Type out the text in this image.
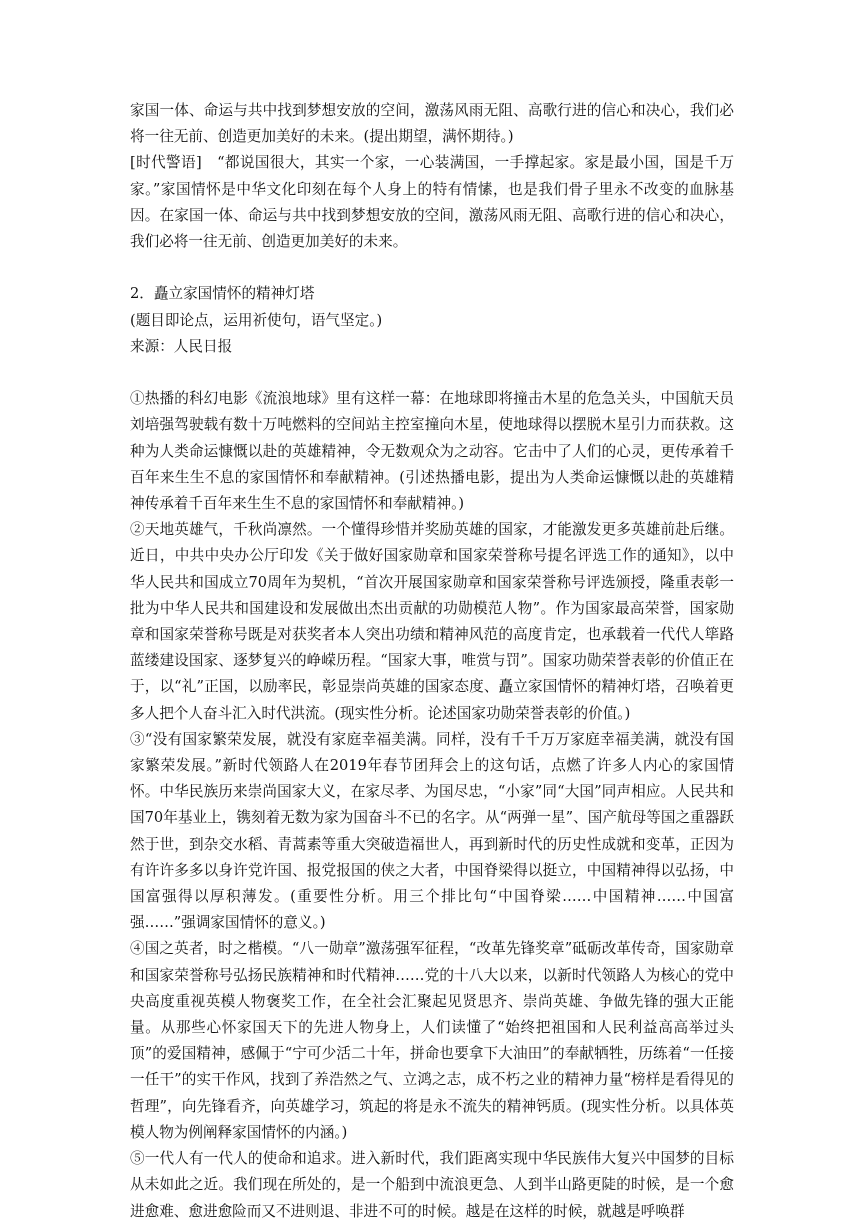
家国一体、命运与共中找到梦想安放的空间，激荡风雨无阻、高歌行进的信心和决心，我们必将一往无前、创造更加美好的未来。(提出期望，满怀期待。)

[时代警语]　“都说国很大，其实一个家，一心装满国，一手撑起家。家是最小国，国是千万家。”家国情怀是中华文化印刻在每个人身上的特有情愫，也是我们骨子里永不改变的血脉基因。在家国一体、命运与共中找到梦想安放的空间，激荡风雨无阻、高歌行进的信心和决心，我们必将一往无前、创造更加美好的未来。

2．矗立家国情怀的精神灯塔

(题目即论点，运用祈使句，语气坚定。)

来源：人民日报

①热播的科幻电影《流浪地球》里有这样一幕：在地球即将撞击木星的危急关头，中国航天员刘培强驾驶载有数十万吨燃料的空间站主控室撞向木星，使地球得以摆脱木星引力而获救。这种为人类命运慷慨以赴的英雄精神，令无数观众为之动容。它击中了人们的心灵，更传承着千百年来生生不息的家国情怀和奉献精神。(引述热播电影，提出为人类命运慷慨以赴的英雄精神传承着千百年来生生不息的家国情怀和奉献精神。)

②天地英雄气，千秋尚凛然。一个懂得珍惜并奖励英雄的国家，才能激发更多英雄前赴后继。近日，中共中央办公厅印发《关于做好国家勋章和国家荣誉称号提名评选工作的通知》，以中华人民共和国成立70周年为契机，“首次开展国家勋章和国家荣誉称号评选颁授，隆重表彰一批为中华人民共和国建设和发展做出杰出贡献的功勋模范人物”。作为国家最高荣誉，国家勋章和国家荣誉称号既是对获奖者本人突出功绩和精神风范的高度肯定，也承载着一代代人筚路蓝缕建设国家、逐梦复兴的峥嵘历程。“国家大事，唯赏与罚”。国家功勋荣誉表彰的价值正在于，以“礼”正国，以励率民，彰显崇尚英雄的国家态度、矗立家国情怀的精神灯塔，召唤着更多人把个人奋斗汇入时代洪流。(现实性分析。论述国家功勋荣誉表彰的价值。)

③“没有国家繁荣发展，就没有家庭幸福美满。同样，没有千千万万家庭幸福美满，就没有国家繁荣发展。”新时代领路人在2019年春节团拜会上的这句话，点燃了许多人内心的家国情怀。中华民族历来崇尚国家大义，在家尽孝、为国尽忠，“小家”同“大国”同声相应。人民共和国70年基业上，镌刻着无数为家为国奋斗不已的名字。从“两弹一星”、国产航母等国之重器跃然于世，到杂交水稻、青蒿素等重大突破造福世人，再到新时代的历史性成就和变革，正因为有许许多多以身许党许国、报党报国的侠之大者，中国脊梁得以挺立，中国精神得以弘扬，中国富强得以厚积薄发。(重要性分析。用三个排比句“中国脊梁……中国精神……中国富强……”强调家国情怀的意义。)

④国之英者，时之楷模。“八一勋章”激荡强军征程，“改革先锋奖章”砥砺改革传奇，国家勋章和国家荣誉称号弘扬民族精神和时代精神……党的十八大以来，以新时代领路人为核心的党中央高度重视英模人物褒奖工作，在全社会汇聚起见贤思齐、崇尚英雄、争做先锋的强大正能量。从那些心怀家国天下的先进人物身上，人们读懂了“始终把祖国和人民利益高高举过头顶”的爱国精神，感佩于“宁可少活二十年，拼命也要拿下大油田”的奉献牺牲，历练着“一任接一任干”的实干作风，找到了养浩然之气、立鸿之志，成不朽之业的精神力量“榜样是看得见的哲理”，向先锋看齐，向英雄学习，筑起的将是永不流失的精神钙质。(现实性分析。以具体英模人物为例阐释家国情怀的内涵。)

⑤一代人有一代人的使命和追求。进入新时代，我们距离实现中华民族伟大复兴中国梦的目标从未如此之近。我们现在所处的，是一个船到中流浪更急、人到半山路更陡的时候，是一个愈进愈难、愈进愈险而又不进则退、非进不可的时候。越是在这样的时候，就越是呼唤群
